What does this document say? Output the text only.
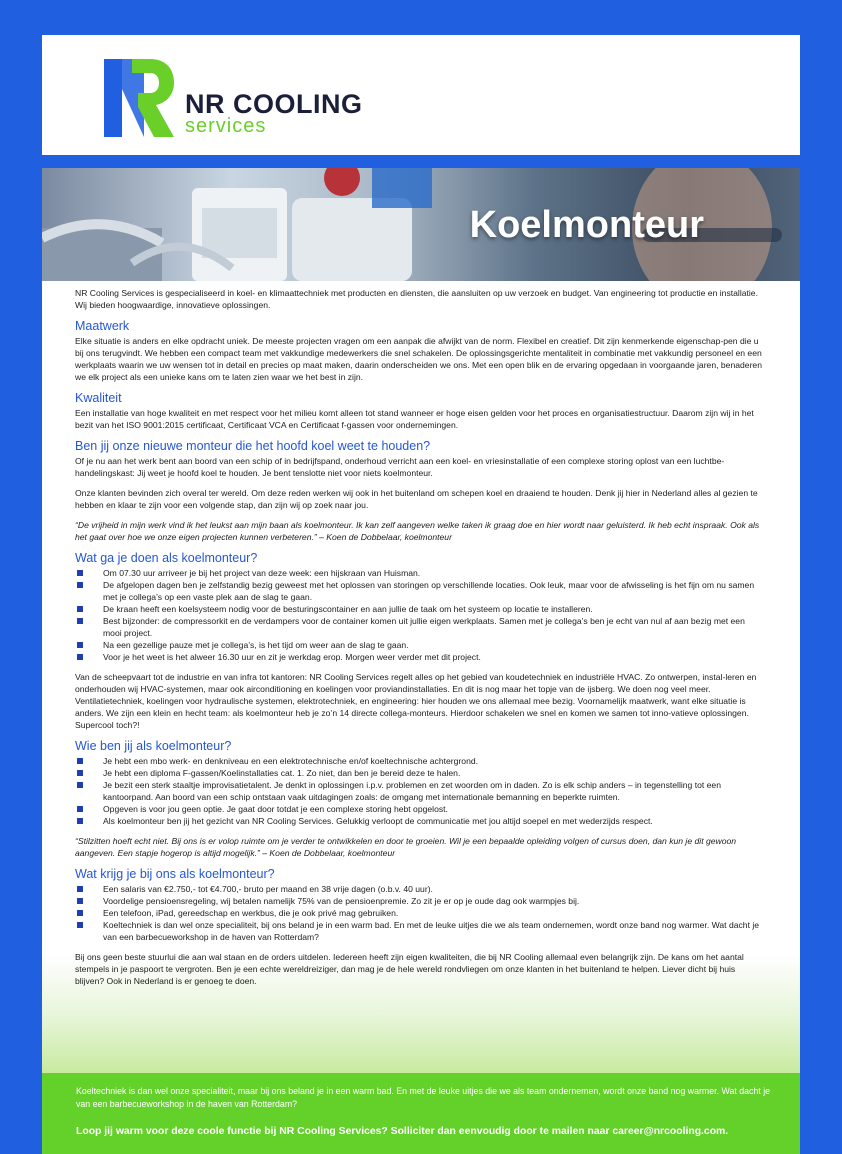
NR COOLING
services
Koelmonteur

NR Cooling Services is gespecialiseerd in koel- en klimaattechniek met producten en diensten, die aansluiten op uw verzoek en budget. Van engineering tot productie en installatie. Wij bieden hoogwaardige, innovatieve oplossingen.

Maatwerk

Elke situatie is anders en elke opdracht uniek. De meeste projecten vragen om een aanpak die afwijkt van de norm. Flexibel en creatief. Dit zijn kenmerkende eigenschap-pen die u bij ons terugvindt. We hebben een compact team met vakkundige medewerkers die snel schakelen. De oplossingsgerichte mentaliteit in combinatie met vakkundig personeel en een werkplaats waarin we uw wensen tot in detail en precies op maat maken, daarin onderscheiden we ons. Met een open blik en de ervaring opgedaan in voorgaande jaren, benaderen we elk project als een unieke kans om te laten zien waar we het best in zijn.

Kwaliteit

Een installatie van hoge kwaliteit en met respect voor het milieu komt alleen tot stand wanneer er hoge eisen gelden voor het proces en organisatiestructuur. Daarom zijn wij in het bezit van het ISO 9001:2015 certificaat, Certificaat VCA en Certificaat f-gassen voor ondernemingen.

Ben jij onze nieuwe monteur die het hoofd koel weet te houden?

Of je nu aan het werk bent aan boord van een schip of in bedrijfspand, onderhoud verricht aan een koel- en vriesinstallatie of een complexe storing oplost van een luchtbe-handelingskast: Jij weet je hoofd koel te houden. Je bent tenslotte niet voor niets koelmonteur.

Onze klanten bevinden zich overal ter wereld. Om deze reden werken wij ook in het buitenland om schepen koel en draaiend te houden. Denk jij hier in Nederland alles al gezien te hebben en klaar te zijn voor een volgende stap, dan zijn wij op zoek naar jou.

“De vrijheid in mijn werk vind ik het leukst aan mijn baan als koelmonteur. Ik kan zelf aangeven welke taken ik graag doe en hier wordt naar geluisterd. Ik heb echt inspraak. Ook als het gaat over hoe we onze eigen projecten kunnen verbeteren.” – Koen de Dobbelaar, koelmonteur

Wat ga je doen als koelmonteur?
Om 07.30 uur arriveer je bij het project van deze week: een hijskraan van Huisman.
De afgelopen dagen ben je zelfstandig bezig geweest met het oplossen van storingen op verschillende locaties. Ook leuk, maar voor de afwisseling is het fijn om nu samen met je collega’s op een vaste plek aan de slag te gaan.
De kraan heeft een koelsysteem nodig voor de besturingscontainer en aan jullie de taak om het systeem op locatie te installeren.
Best bijzonder: de compressorkit en de verdampers voor de container komen uit jullie eigen werkplaats. Samen met je collega’s ben je echt van nul af aan bezig met een mooi project.
Na een gezellige pauze met je collega’s, is het tijd om weer aan de slag te gaan.
Voor je het weet is het alweer 16.30 uur en zit je werkdag erop. Morgen weer verder met dit project.

Van de scheepvaart tot de industrie en van infra tot kantoren: NR Cooling Services regelt alles op het gebied van koudetechniek en industriële HVAC. Zo ontwerpen, instal-leren en onderhouden wij HVAC-systemen, maar ook airconditioning en koelingen voor proviandinstallaties. En dit is nog maar het topje van de ijsberg. We doen nog veel meer. Ventilatietechniek, koelingen voor hydraulische systemen, elektrotechniek, en engineering: hier houden we ons allemaal mee bezig. Voornamelijk maatwerk, want elke situatie is anders. We zijn een klein en hecht team: als koelmonteur heb je zo’n 14 directe collega-monteurs. Hierdoor schakelen we snel en komen we samen tot inno-vatieve oplossingen. Supercool toch?!

Wie ben jij als koelmonteur?
Je hebt een mbo werk- en denkniveau en een elektrotechnische en/of koeltechnische achtergrond.
Je hebt een diploma F-gassen/Koelinstallaties cat. 1. Zo niet, dan ben je bereid deze te halen.
Je bezit een sterk staaltje improvisatietalent. Je denkt in oplossingen i.p.v. problemen en zet woorden om in daden. Zo is elk schip anders – in tegenstelling tot een kantoorpand. Aan boord van een schip ontstaan vaak uitdagingen zoals: de omgang met internationale bemanning en beperkte ruimten.
Opgeven is voor jou geen optie. Je gaat door totdat je een complexe storing hebt opgelost.
Als koelmonteur ben jij het gezicht van NR Cooling Services. Gelukkig verloopt de communicatie met jou altijd soepel en met wederzijds respect.

“Stilzitten hoeft echt niet. Bij ons is er volop ruimte om je verder te ontwikkelen en door te groeien. Wil je een bepaalde opleiding volgen of cursus doen, dan kun je dit gewoon aangeven. Een stapje hogerop is altijd mogelijk.” – Koen de Dobbelaar, koelmonteur

Wat krijg je bij ons als koelmonteur?
Een salaris van €2.750,- tot €4.700,- bruto per maand en 38 vrije dagen (o.b.v. 40 uur).
Voordelige pensioensregeling, wij betalen namelijk 75% van de pensioenpremie. Zo zit je er op je oude dag ook warmpjes bij.
Een telefoon, iPad, gereedschap en werkbus, die je ook privé mag gebruiken.
Koeltechniek is dan wel onze specialiteit, bij ons beland je in een warm bad. En met de leuke uitjes die we als team ondernemen, wordt onze band nog warmer. Wat dacht je van een barbecueworkshop in de haven van Rotterdam?

Bij ons geen beste stuurlui die aan wal staan en de orders uitdelen. Iedereen heeft zijn eigen kwaliteiten, die bij NR Cooling allemaal even belangrijk zijn. De kans om het aantal stempels in je paspoort te vergroten. Ben je een echte wereldreiziger, dan mag je de hele wereld rondvliegen om onze klanten in het buitenland te helpen. Liever dicht bij huis blijven? Ook in Nederland is er genoeg te doen.

Koeltechniek is dan wel onze specialiteit, maar bij ons beland je in een warm bad. En met de leuke uitjes die we als team ondernemen, wordt onze band nog warmer. Wat dacht je van een barbecueworkshop in de haven van Rotterdam?
Loop jij warm voor deze coole functie bij NR Cooling Services? Solliciter dan eenvoudig door te mailen naar career@nrcooling.com.
